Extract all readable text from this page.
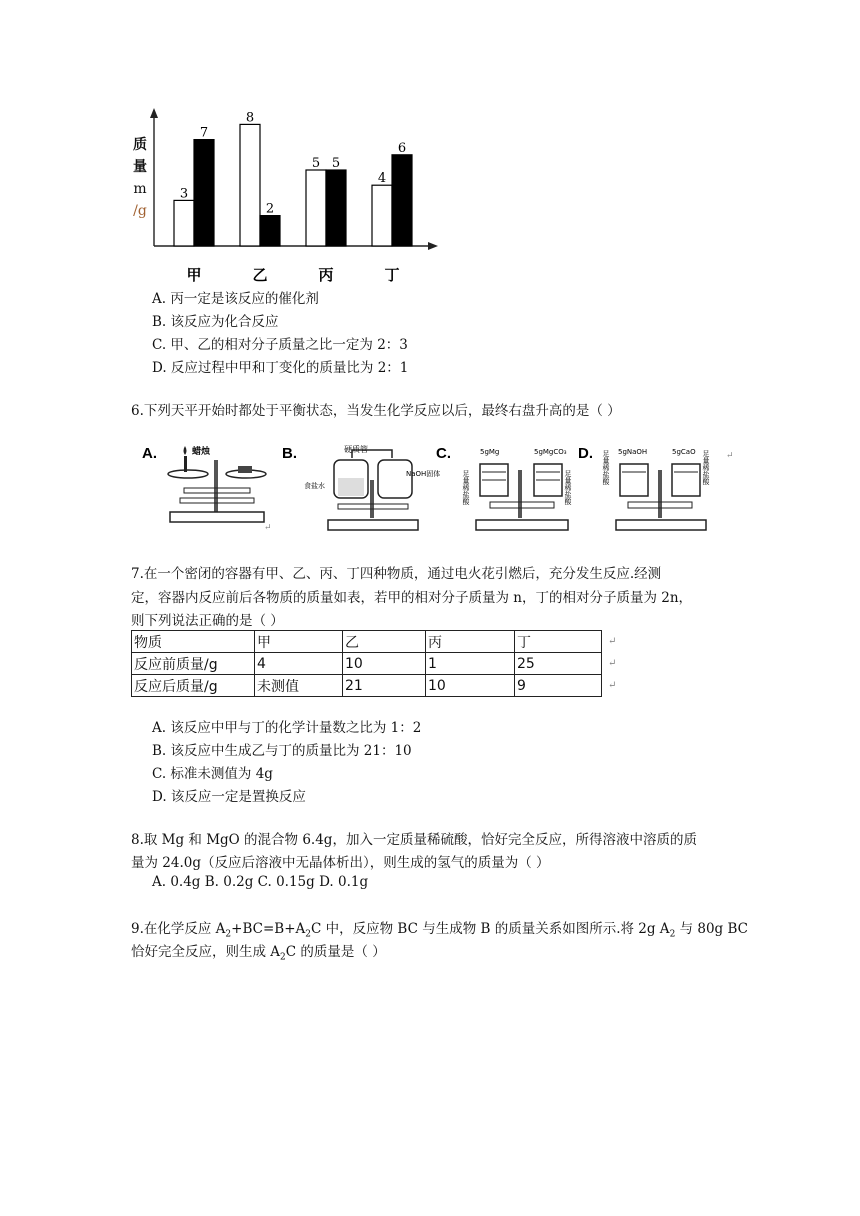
3
7
甲
8
2
乙
5 5
丙
4
6
丁
质
量
m
/g
A. 丙一定是该反应的催化剂
B. 该反应为化合反应
C. 甲、乙的相对分子质量之比一定为 2：3
D. 反应过程中甲和丁变化的质量比为 2：1
6.下列天平开始时都处于平衡状态，当发生化学反应以后，最终右盘升高的是（ ）
A.	蜡烛
↵
B.	硬质管
食盐水
NaOH固体
C.	5gMg	5gMgCO₃
足量稀盐酸	足量稀盐酸
D.	5gNaOH	5gCaO
足量稀盐酸	足量稀盐酸 ↵
7.在一个密闭的容器有甲、乙、丙、丁四种物质，通过电火花引燃后，充分发生反应.经测
定，容器内反应前后各物质的质量如表，若甲的相对分子质量为 n，丁的相对分子质量为 2n，
则下列说法正确的是（ ）
物质	甲	乙	丙	丁
反应前质量/g	4	10	1	25
反应后质量/g	未测值	21	10	9
↵
↵
↵
A. 该反应中甲与丁的化学计量数之比为 1：2
B. 该反应中生成乙与丁的质量比为 21：10
C. 标准未测值为 4g
D. 该反应一定是置换反应
8.取 Mg 和 MgO 的混合物 6.4g，加入一定质量稀硫酸，恰好完全反应，所得溶液中溶质的质
量为 24.0g（反应后溶液中无晶体析出），则生成的氢气的质量为（ ）
A. 0.4g B. 0.2g C. 0.15g D. 0.1g
9.在化学反应 $A_2+BC=B+A_2C$ 中，反应物 BC 与生成物 B 的质量关系如图所示.将 2g $A_2$ 与 80g BC
恰好完全反应，则生成 $A_2C$ 的质量是（ ）
